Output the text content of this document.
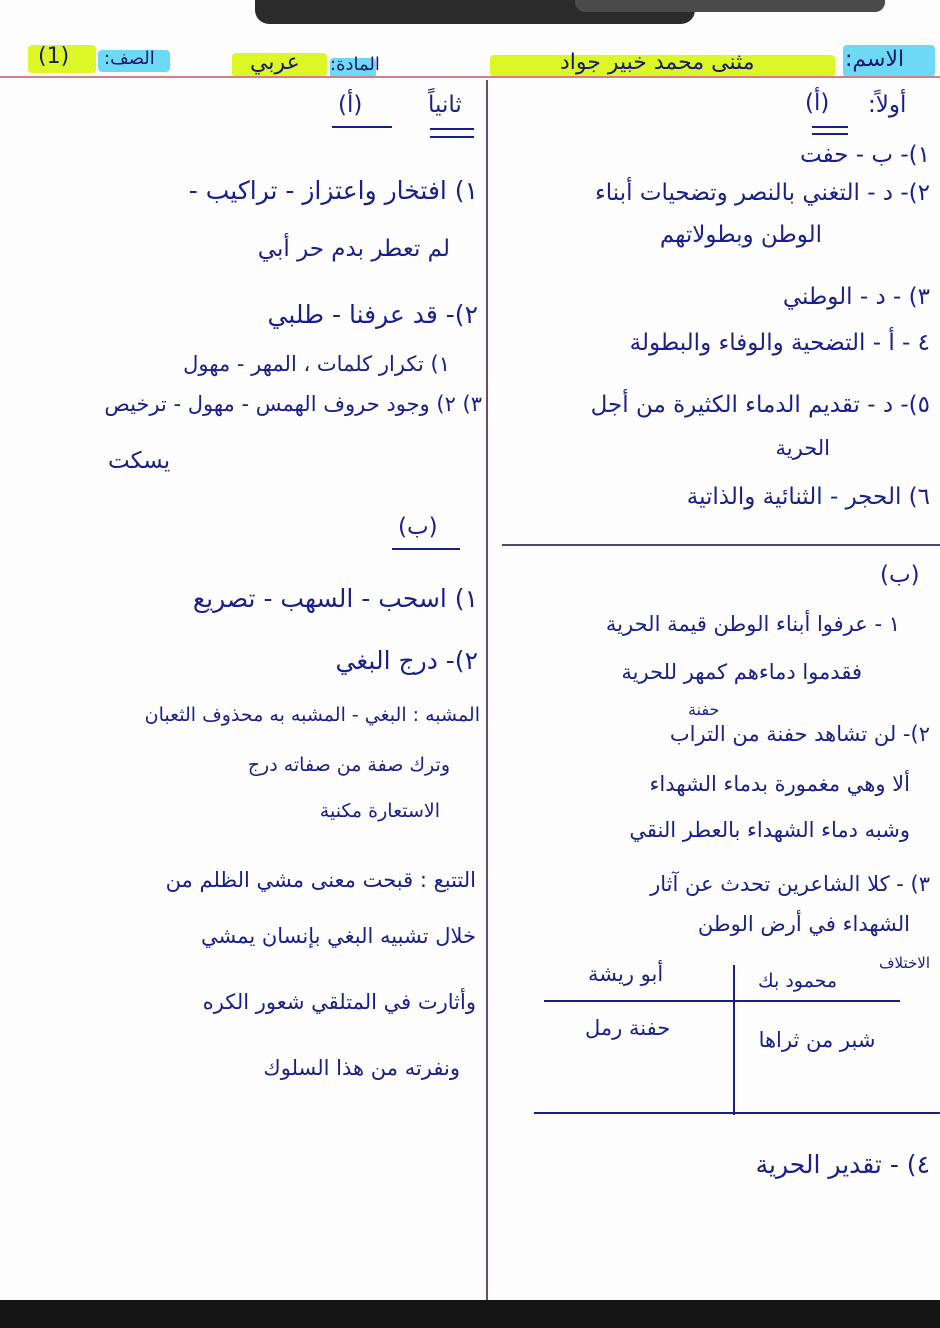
الاسم:
مثنى محمد خبير جواد
المادة:
عربي
الصف:
(1)
أولاً:
(أ)
١)- ب - حفت
٢)- د - التغني بالنصر وتضحيات أبناء
الوطن وبطولاتهم
٣) - د - الوطني
٤ - أ - التضحية والوفاء والبطولة
٥)- د - تقديم الدماء الكثيرة من أجل
الحرية
٦) الحجر - الثنائية والذاتية
(ب)
١ - عرفوا أبناء الوطن قيمة الحرية
فقدموا دماءهم كمهر للحرية
حفنة
٢)- لن تشاهد حفنة من التراب
ألا وهي مغمورة بدماء الشهداء
وشبه دماء الشهداء بالعطر النقي
٣) - كلا الشاعرين تحدث عن آثار
الشهداء في أرض الوطن
الاختلاف
محمود بك
أبو ريشة
شبر من ثراها
حفنة رمل
٤) - تقدير الحرية
ثانياً
(أ)
١) افتخار واعتزاز - تراكيب -
لم تعطر بدم حر أبي
٢)- قد عرفنا - طلبي
١) تكرار كلمات ، المهر - مهول
٣) ٢) وجود حروف الهمس - مهول - ترخيص
يسكت
(ب)
١) اسحب - السهب - تصريع
٢)- درج البغي
المشبه : البغي - المشبه به محذوف الثعبان
وترك صفة من صفاته درج
الاستعارة مكنية
التتبع : قبحت معنى مشي الظلم من
خلال تشبيه البغي بإنسان يمشي
وأثارت في المتلقي شعور الكره
ونفرته من هذا السلوك
